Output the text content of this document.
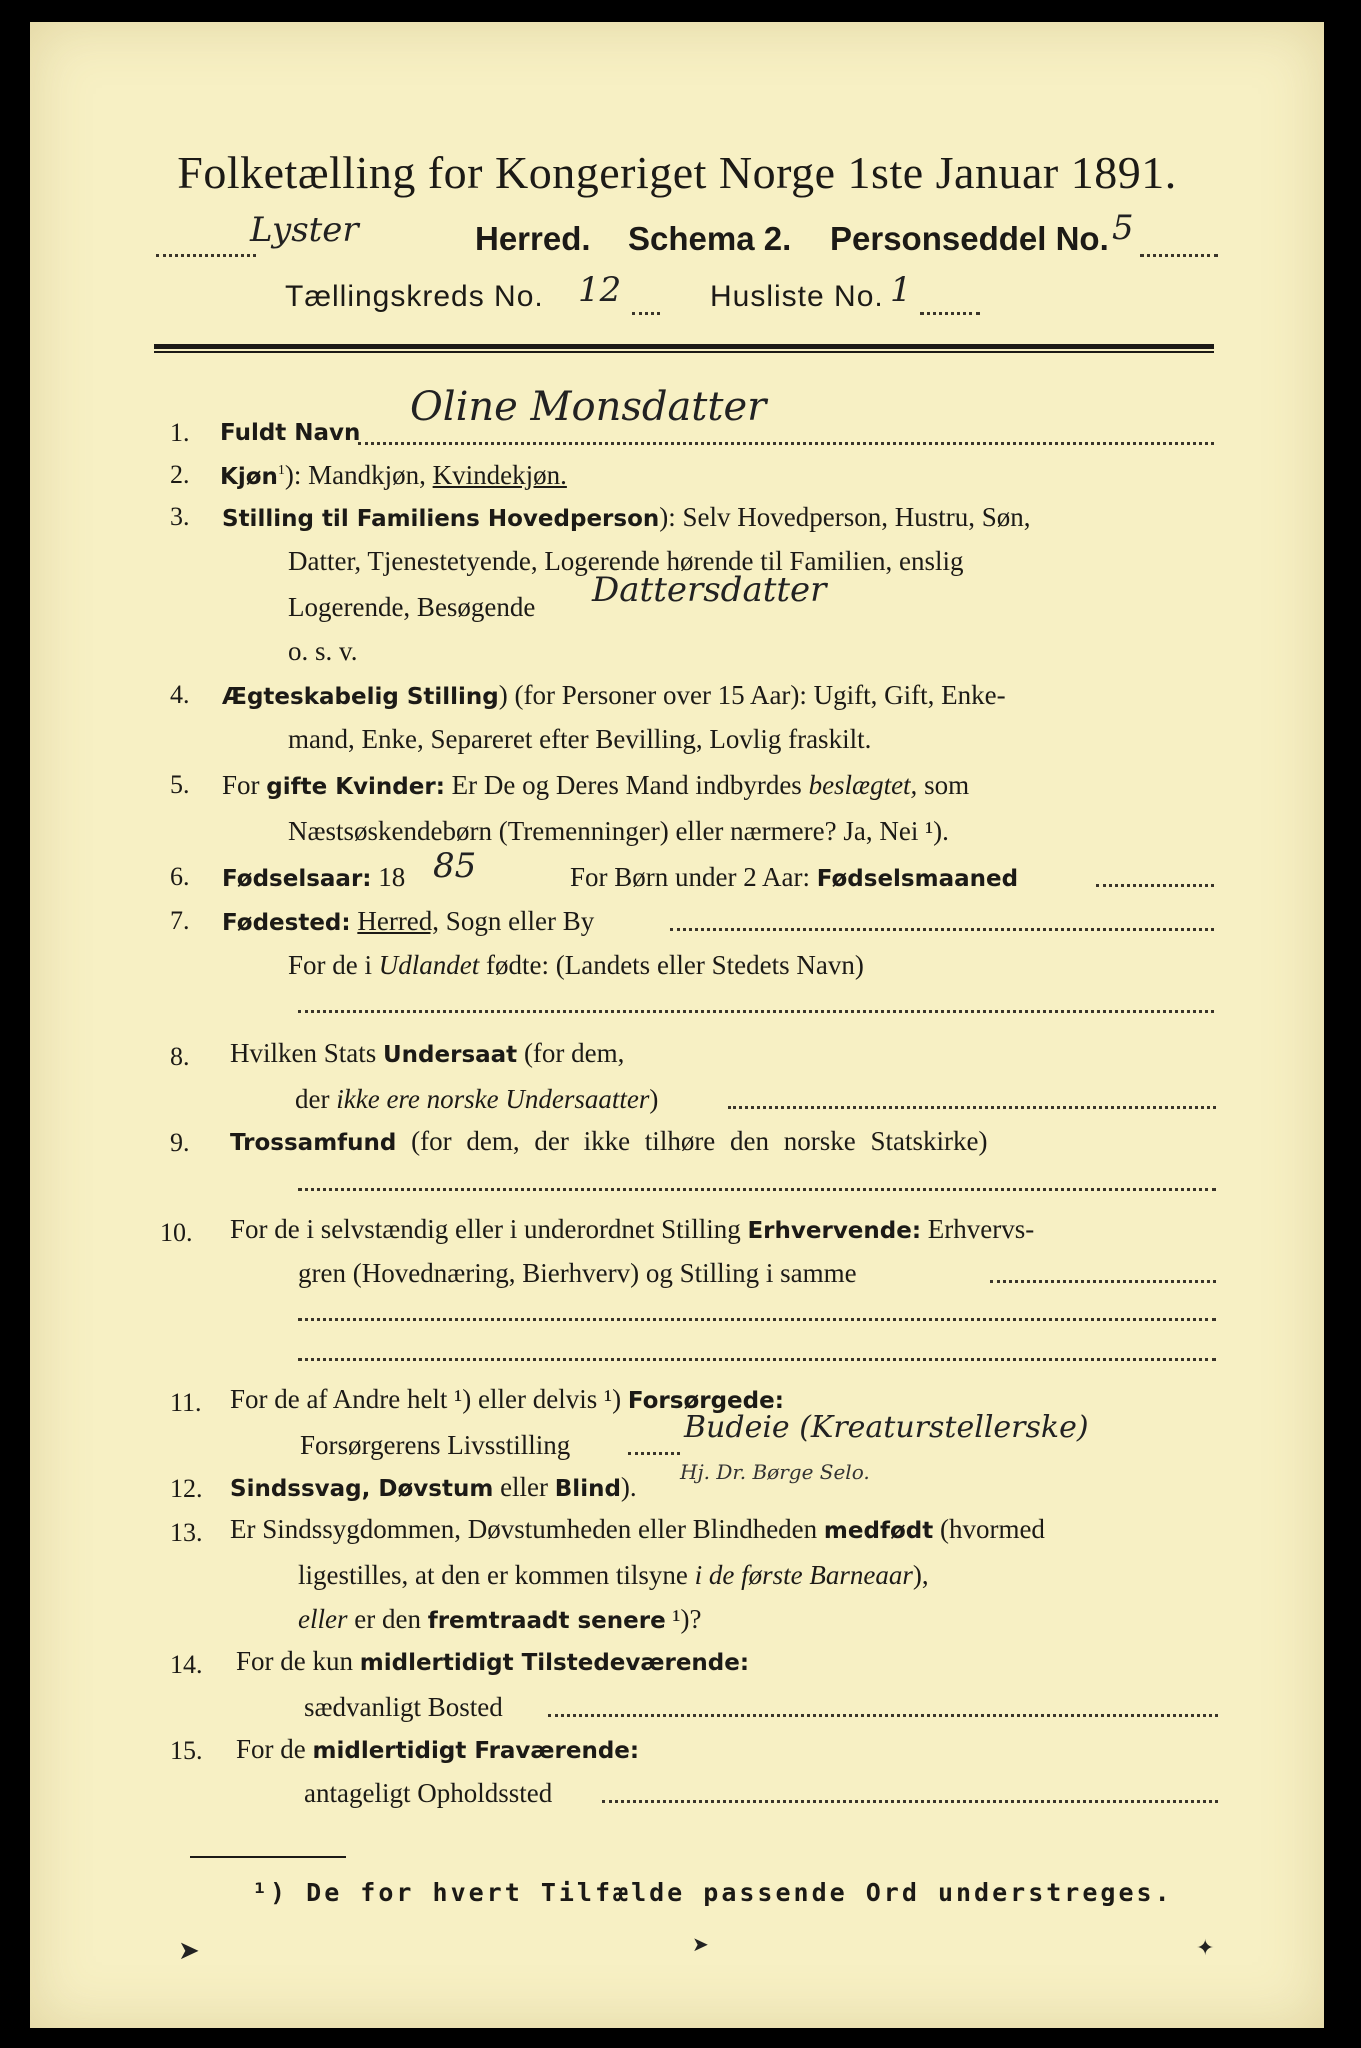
Folketælling for Kongeriget Norge 1ste Januar 1891.
Lyster	Herred. Schema 2. Personseddel No. 5
Tællingskreds No. 12	Husliste No. 1
1. Fuldt Navn
Oline Monsdatter
2. Kjøn$^1$): Mandkjøn, Kvindekjøn.
3. Stilling til Familiens Hovedperson): Selv Hovedperson, Hustru, Søn,
Datter, Tjenestetyende, Logerende hørende til Familien, enslig
Logerende, Besøgende Dattersdatter
o. s. v.
4. Ægteskabelig Stilling) (for Personer over 15 Aar): Ugift, Gift, Enke-
mand, Enke, Separeret efter Bevilling, Lovlig fraskilt.
5. For gifte Kvinder: Er De og Deres Mand indbyrdes beslægtet, som
Næstsøskendebørn (Tremenninger) eller nærmere? Ja, Nei ¹).
6. Fødselsaar: 18 85	For Børn under 2 Aar: Fødselsmaaned
7. Fødested: Herred, Sogn eller By
For de i Udlandet fødte: (Landets eller Stedets Navn)
8. Hvilken Stats Undersaat (for dem,
der ikke ere norske Undersaatter)
9. Trossamfund (for dem, der ikke tilhøre den norske Statskirke)
10. For de i selvstændig eller i underordnet Stilling Erhvervende: Erhvervs-
gren (Hovednæring, Bierhverv) og Stilling i samme
11. For de af Andre helt ¹) eller delvis ¹) Forsørgede:
Forsørgerens Livsstilling	Budeie (Kreaturstellerske)
12. Sindssvag, Døvstum eller Blind). Hj. Dr. Børge Selo.
13. Er Sindssygdommen, Døvstumheden eller Blindheden medfødt (hvormed
ligestilles, at den er kommen tilsyne i de første Barneaar),
eller er den fremtraadt senere ¹)?
14. For de kun midlertidigt Tilstedeværende:
sædvanligt Bosted
15. For de midlertidigt Fraværende:
antageligt Opholdssted
¹) De for hvert Tilfælde passende Ord understreges.
➤	➤	✦
